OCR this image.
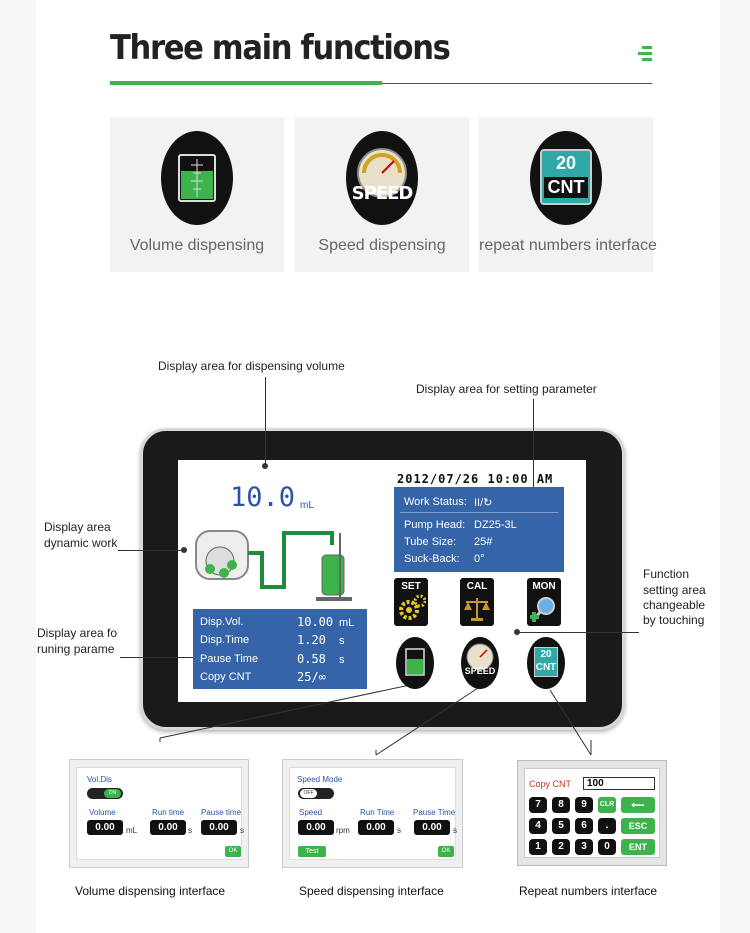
Three main functions
Volume dispensing
SPEED
Speed dispensing
20
CNT
repeat numbers interface
Display area for dispensing volume
Display area for setting parameter
Display area
dynamic work
Display area fo
runing parame
Function
setting area
changeable
by touching
2012/07/26 10:00 AM
10.0 mL	Work Status: II/↻
Pump Head: DZ25-3L
Tube Size: 25#
Suck-Back: 0°
Disp.Vol.	10.00 mL
Disp.Time	1.20 s
Pause Time	0.58 s
Copy CNT	25/∞
SET	CAL	MON
SPEED
20
CNT
Vol.Dis
ON
Volume
0.00	mL
Run time
0.00	s
Pause time
0.00	s
OK
Speed Mode
OFF
Speed
0.00	rpm
Run Time
0.00	s
Pause Time
0.00	s
Test	OK
Copy CNT	100
7	8	9	CLR	⟵
4	5	6	.	ESC
1	2	3	0	ENT
Volume dispensing interface	Speed dispensing interface	Repeat numbers interface
